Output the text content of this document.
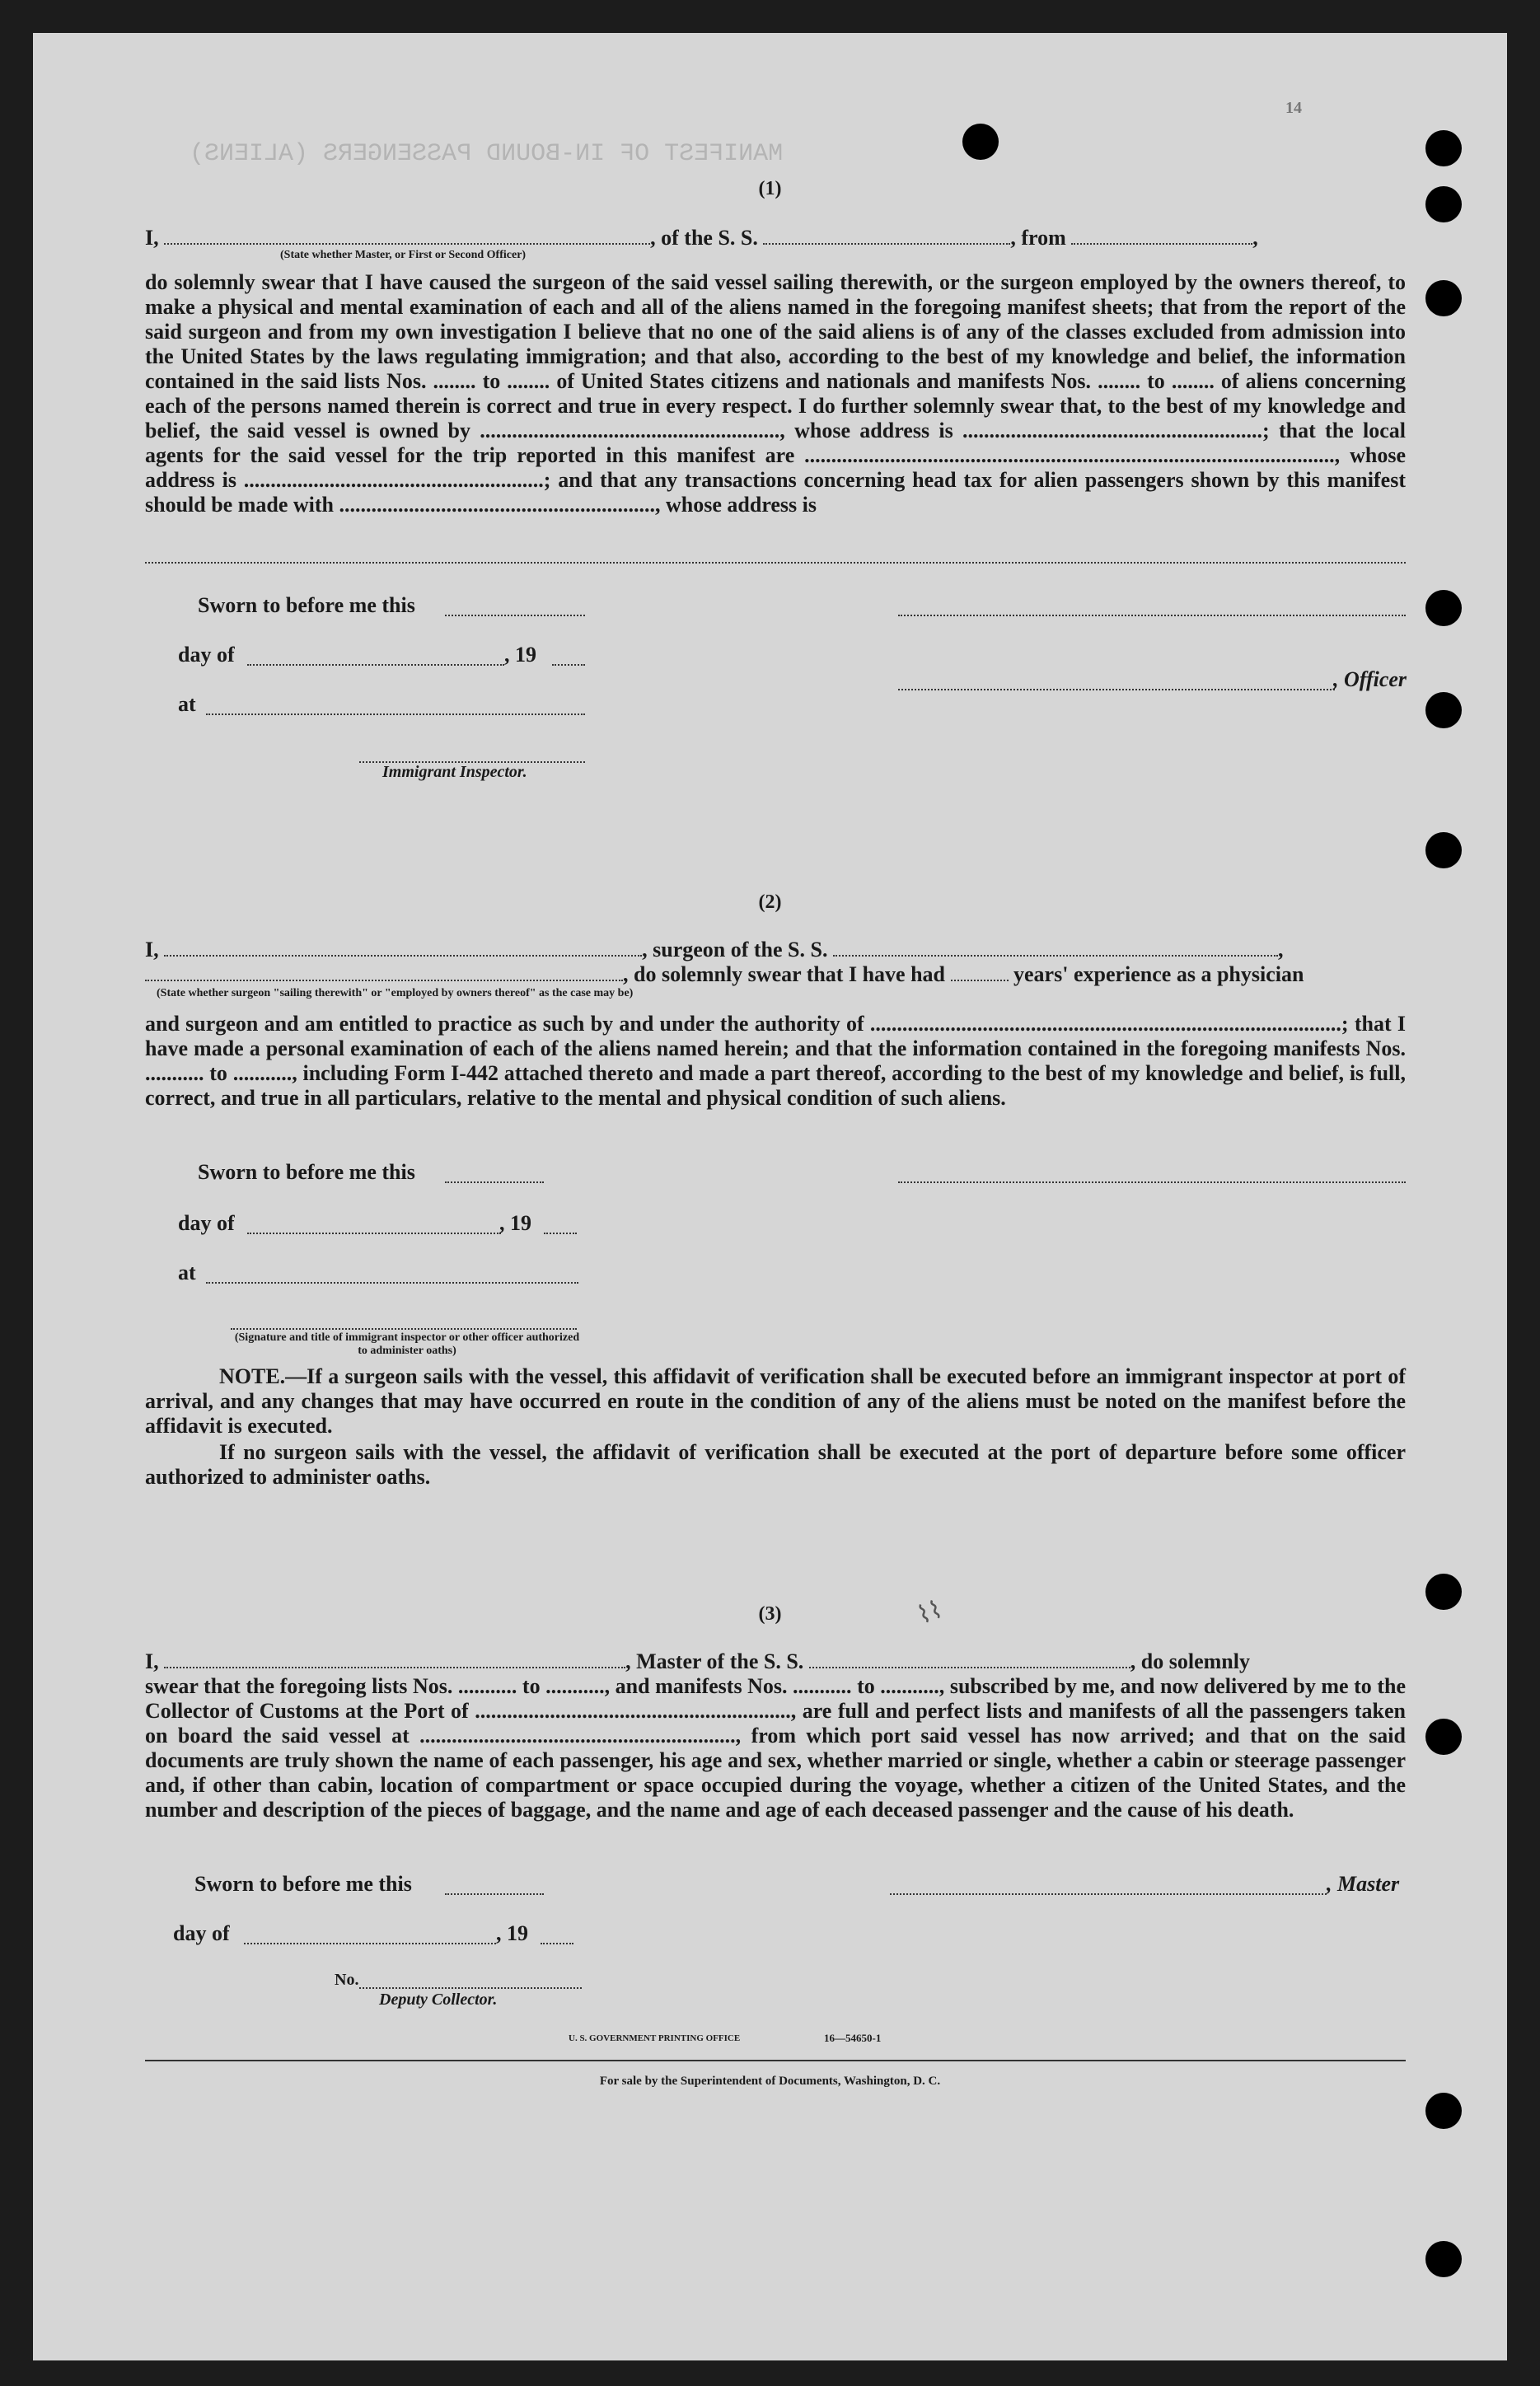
MANIFEST OF IN-BOUND PASSENGERS (ALIENS)
14
(1)
I,	, of the S. S.	, from	,
(State whether Master, or First or Second Officer)
do solemnly swear that I have caused the surgeon of the said vessel sailing therewith, or the surgeon employed by the owners thereof, to make a physical and mental examination of each and all of the aliens named in the foregoing manifest sheets; that from the report of the said surgeon and from my own investigation I believe that no one of the said aliens is of any of the classes excluded from admission into the United States by the laws regulating immigration; and that also, according to the best of my knowledge and belief, the information contained in the said lists Nos. ........ to ........ of United States citizens and nationals and manifests Nos. ........ to ........ of aliens concerning each of the persons named therein is correct and true in every respect. I do further solemnly swear that, to the best of my knowledge and belief, the said vessel is owned by ........................................................, whose address is ........................................................; that the local agents for the said vessel for the trip reported in this manifest are ..................................................................................................., whose address is ........................................................; and that any transactions concerning head tax for alien passengers shown by this manifest should be made with ..........................................................., whose address is
Sworn to before me this
day of	, 19
, Officer
at
Immigrant Inspector.
(2)
I,	, surgeon of the S. S.	,
, do solemnly swear that I have had	years' experience as a physician
(State whether surgeon "sailing therewith" or "employed by owners thereof" as the case may be)
and surgeon and am entitled to practice as such by and under the authority of ........................................................................................; that I have made a personal examination of each of the aliens named herein; and that the information contained in the foregoing manifests Nos. ........... to ..........., including Form I-442 attached thereto and made a part thereof, according to the best of my knowledge and belief, is full, correct, and true in all particulars, relative to the mental and physical condition of such aliens.
Sworn to before me this
day of	, 19
at
(Signature and title of immigrant inspector or other officer authorized to administer oaths)
NOTE.—If a surgeon sails with the vessel, this affidavit of verification shall be executed before an immigrant inspector at port of arrival, and any changes that may have occurred en route in the condition of any of the aliens must be noted on the manifest before the affidavit is executed.
If no surgeon sails with the vessel, the affidavit of verification shall be executed at the port of departure before some officer authorized to administer oaths.
(3)
I,	, Master of the S. S.	, do solemnly
swear that the foregoing lists Nos. ........... to ..........., and manifests Nos. ........... to ..........., subscribed by me, and now delivered by me to the Collector of Customs at the Port of ..........................................................., are full and perfect lists and manifests of all the passengers taken on board the said vessel at ..........................................................., from which port said vessel has now arrived; and that on the said documents are truly shown the name of each passenger, his age and sex, whether married or single, whether a cabin or steerage passenger and, if other than cabin, location of compartment or space occupied during the voyage, whether a citizen of the United States, and the number and description of the pieces of baggage, and the name and age of each deceased passenger and the cause of his death.
Sworn to before me this	, Master
day of	, 19
No.
Deputy Collector.
U. S. GOVERNMENT PRINTING OFFICE	16—54650-1
For sale by the Superintendent of Documents, Washington, D. C.
⌇⌇
